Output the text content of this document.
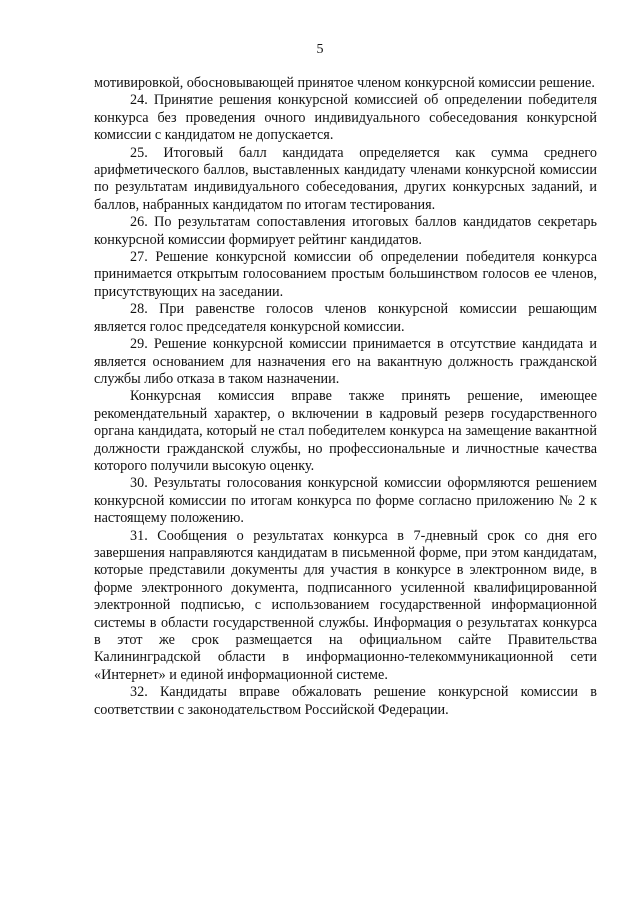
5

мотивировкой, обосновывающей принятое членом конкурсной комиссии решение.

24. Принятие решения конкурсной комиссией об определении победителя конкурса без проведения очного индивидуального собеседования конкурсной комиссии с кандидатом не допускается.

25. Итоговый балл кандидата определяется как сумма среднего арифметического баллов, выставленных кандидату членами конкурсной комиссии по результатам индивидуального собеседования, других конкурсных заданий, и баллов, набранных кандидатом по итогам тестирования.

26. По результатам сопоставления итоговых баллов кандидатов секретарь конкурсной комиссии формирует рейтинг кандидатов.

27. Решение конкурсной комиссии об определении победителя конкурса принимается открытым голосованием простым большинством голосов ее членов, присутствующих на заседании.

28. При равенстве голосов членов конкурсной комиссии решающим является голос председателя конкурсной комиссии.

29. Решение конкурсной комиссии принимается в отсутствие кандидата и является основанием для назначения его на вакантную должность гражданской службы либо отказа в таком назначении.

Конкурсная комиссия вправе также принять решение, имеющее рекомендательный характер, о включении в кадровый резерв государственного органа кандидата, который не стал победителем конкурса на замещение вакантной должности гражданской службы, но профессиональные и личностные качества которого получили высокую оценку.

30. Результаты голосования конкурсной комиссии оформляются решением конкурсной комиссии по итогам конкурса по форме согласно приложению № 2 к настоящему положению.

31. Сообщения о результатах конкурса в 7-дневный срок со дня его завершения направляются кандидатам в письменной форме, при этом кандидатам, которые представили документы для участия в конкурсе в электронном виде, в форме электронного документа, подписанного усиленной квалифицированной электронной подписью, с использованием государственной информационной системы в области государственной службы. Информация о результатах конкурса в этот же срок размещается на официальном сайте Правительства Калининградской области в информационно-телекоммуникационной сети «Интернет» и единой информационной системе.

32. Кандидаты вправе обжаловать решение конкурсной комиссии в соответствии с законодательством Российской Федерации.
